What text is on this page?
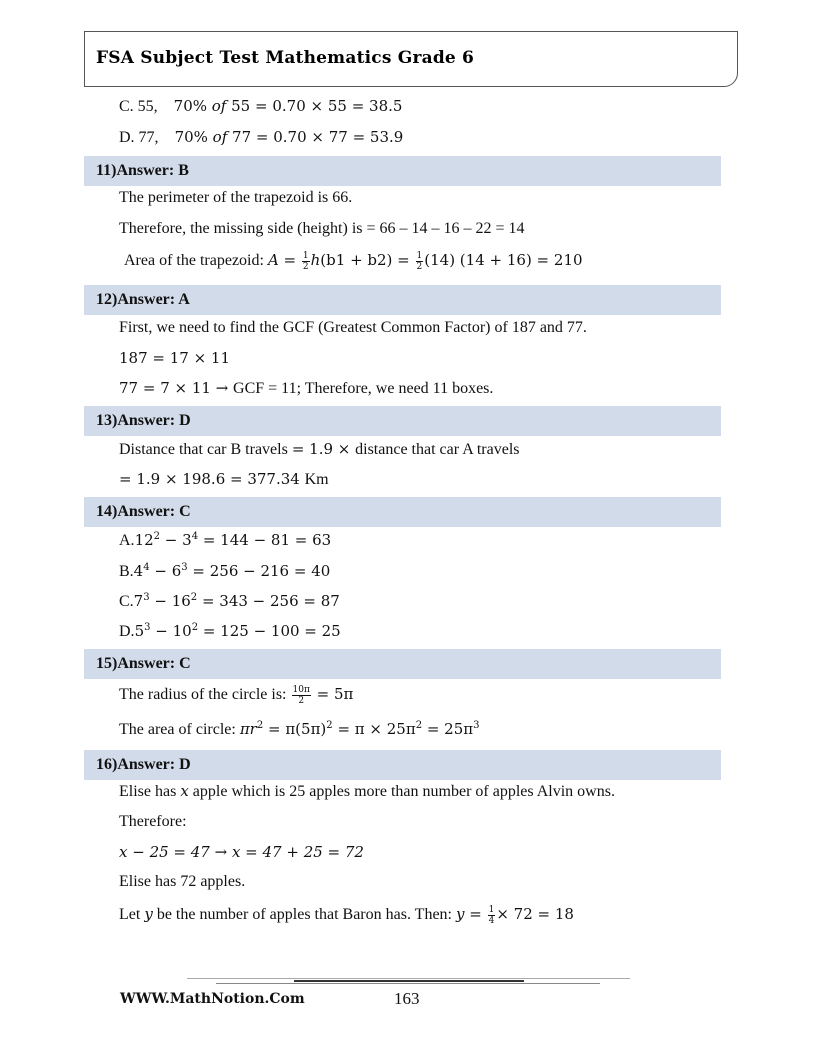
FSA Subject Test Mathematics Grade 6
C. 55, 70% of 55 = 0.70 × 55 = 38.5
D. 77, 70% of 77 = 0.70 × 77 = 53.9
11)Answer: B
The perimeter of the trapezoid is 66.
Therefore, the missing side (height) is = 66 – 14 – 16 – 22 = 14
Area of the trapezoid: $A = \frac{1}{2} h(b1 + b2) = \frac{1}{2} (14) (14 + 16) = 210$
12)Answer: A
First, we need to find the GCF (Greatest Common Factor) of 187 and 77.
187 = 17 × 11
77 = 7 × 11 → GCF = 11; Therefore, we need 11 boxes.
13)Answer: D
Distance that car B travels = 1.9 × distance that car A travels
= 1.9 × 198.6 = 377.34 Km
14)Answer: C
$A.12^2 - 3^4 = 144 - 81 = 63$
$B.4^4 - 6^3 = 256 - 216 = 40$
$C.7^3 - 16^2 = 343 - 256 = 87$
$D.5^3 - 10^2 = 125 - 100 = 25$
15)Answer: C
The radius of the circle is: $\frac{10\pi}{2} = 5\pi$
The area of circle: $\pi r^2 = \pi(5\pi)^2 = \pi \times 25\pi^2 = 25\pi^3$
16)Answer: D
Elise has x apple which is 25 apples more than number of apples Alvin owns.
Therefore:
x − 25 = 47 → x = 47 + 25 = 72
Elise has 72 apples.
Let y be the number of apples that Baron has. Then: $y = \frac{1}{4} \times 72 = 18$
WWW.MathNotion.Com	163
